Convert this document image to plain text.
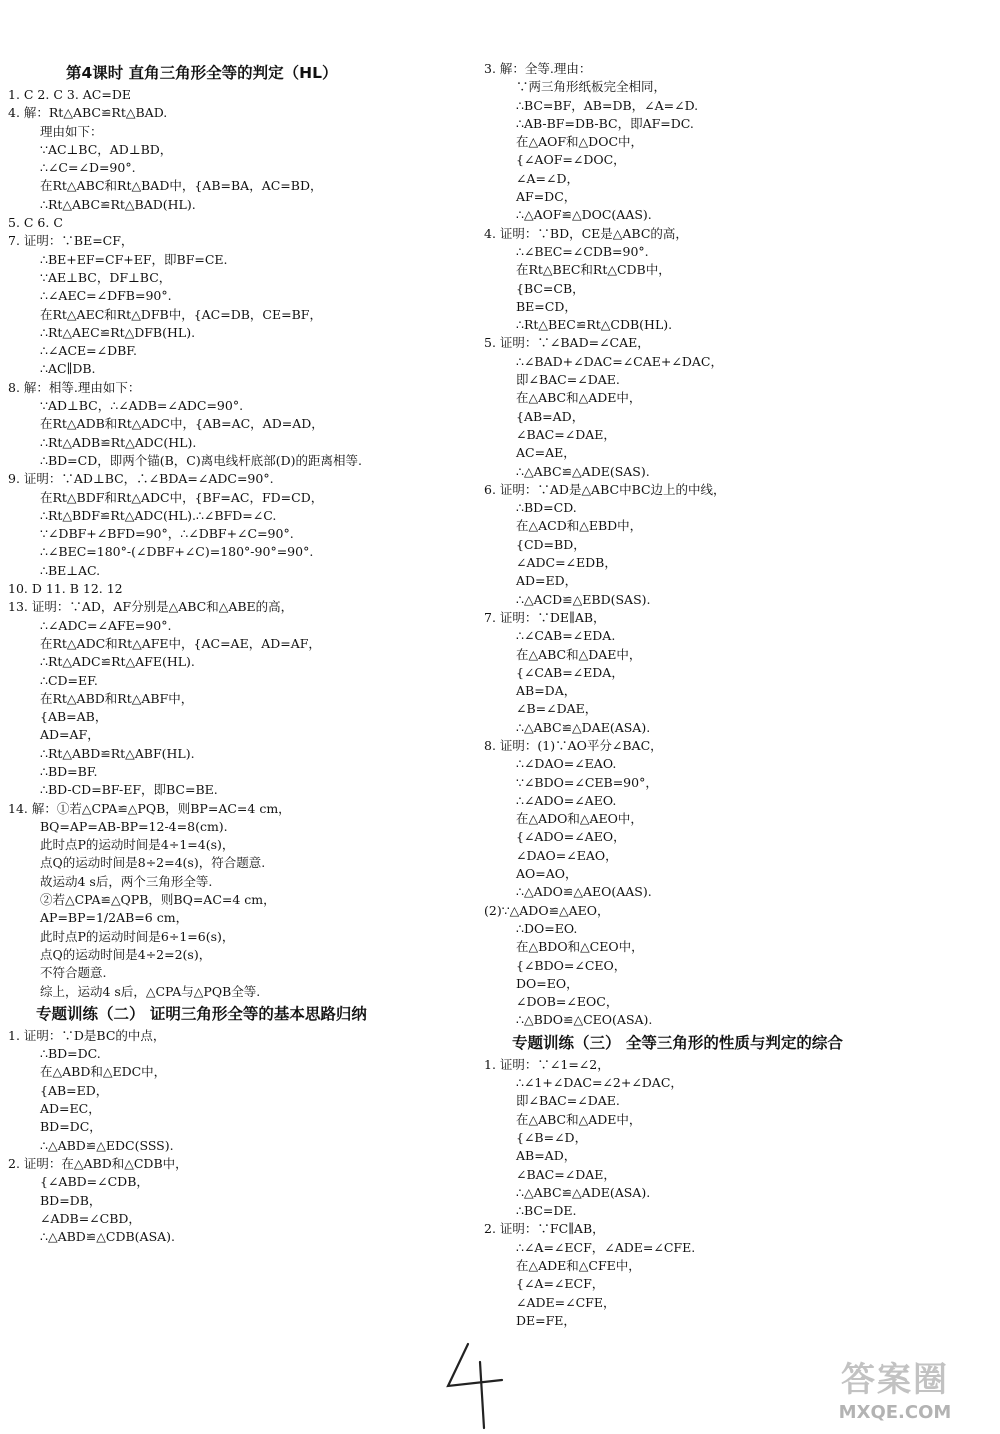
第4课时 直角三角形全等的判定（HL）
1. C 2. C 3. AC=DE
4. 解：Rt△ABC≌Rt△BAD.
理由如下：
∵AC⊥BC，AD⊥BD，
∴∠C=∠D=90°.
在Rt△ABC和Rt△BAD中，{AB=BA，AC=BD，
∴Rt△ABC≌Rt△BAD(HL).
5. C 6. C
7. 证明：∵BE=CF，
∴BE+EF=CF+EF，即BF=CE.
∵AE⊥BC，DF⊥BC，
∴∠AEC=∠DFB=90°.
在Rt△AEC和Rt△DFB中，{AC=DB，CE=BF，
∴Rt△AEC≌Rt△DFB(HL).
∴∠ACE=∠DBF.
∴AC∥DB.
8. 解：相等.理由如下：
∵AD⊥BC，∴∠ADB=∠ADC=90°.
在Rt△ADB和Rt△ADC中，{AB=AC，AD=AD，
∴Rt△ADB≌Rt△ADC(HL).
∴BD=CD，即两个锚(B，C)离电线杆底部(D)的距离相等.
9. 证明：∵AD⊥BC，∴∠BDA=∠ADC=90°.
在Rt△BDF和Rt△ADC中，{BF=AC，FD=CD，
∴Rt△BDF≌Rt△ADC(HL).∴∠BFD=∠C.
∵∠DBF+∠BFD=90°，∴∠DBF+∠C=90°.
∴∠BEC=180°-(∠DBF+∠C)=180°-90°=90°.
∴BE⊥AC.
10. D 11. B 12. 12
13. 证明：∵AD，AF分别是△ABC和△ABE的高，
∴∠ADC=∠AFE=90°.
在Rt△ADC和Rt△AFE中，{AC=AE，AD=AF，
∴Rt△ADC≌Rt△AFE(HL).
∴CD=EF.
在Rt△ABD和Rt△ABF中，
{AB=AB，
AD=AF，
∴Rt△ABD≌Rt△ABF(HL).
∴BD=BF.
∴BD-CD=BF-EF，即BC=BE.
14. 解：①若△CPA≌△PQB，则BP=AC=4 cm，
BQ=AP=AB-BP=12-4=8(cm).
此时点P的运动时间是4÷1=4(s)，
点Q的运动时间是8÷2=4(s)，符合题意.
故运动4 s后，两个三角形全等.
②若△CPA≌△QPB，则BQ=AC=4 cm，
AP=BP=1/2AB=6 cm，
此时点P的运动时间是6÷1=6(s)，
点Q的运动时间是4÷2=2(s)，
不符合题意.
综上，运动4 s后，△CPA与△PQB全等.
专题训练（二） 证明三角形全等的基本思路归纳
1. 证明：∵D是BC的中点，
∴BD=DC.
在△ABD和△EDC中，
{AB=ED，
AD=EC，
BD=DC，
∴△ABD≌△EDC(SSS).
2. 证明：在△ABD和△CDB中，
{∠ABD=∠CDB，
BD=DB，
∠ADB=∠CBD，
∴△ABD≌△CDB(ASA).
3. 解：全等.理由：
∵两三角形纸板完全相同，
∴BC=BF，AB=DB，∠A=∠D.
∴AB-BF=DB-BC，即AF=DC.
在△AOF和△DOC中，
{∠AOF=∠DOC，
∠A=∠D，
AF=DC，
∴△AOF≌△DOC(AAS).
4. 证明：∵BD，CE是△ABC的高，
∴∠BEC=∠CDB=90°.
在Rt△BEC和Rt△CDB中，
{BC=CB，
BE=CD，
∴Rt△BEC≌Rt△CDB(HL).
5. 证明：∵∠BAD=∠CAE，
∴∠BAD+∠DAC=∠CAE+∠DAC，
即∠BAC=∠DAE.
在△ABC和△ADE中，
{AB=AD，
∠BAC=∠DAE，
AC=AE，
∴△ABC≌△ADE(SAS).
6. 证明：∵AD是△ABC中BC边上的中线，
∴BD=CD.
在△ACD和△EBD中，
{CD=BD，
∠ADC=∠EDB，
AD=ED，
∴△ACD≌△EBD(SAS).
7. 证明：∵DE∥AB，
∴∠CAB=∠EDA.
在△ABC和△DAE中，
{∠CAB=∠EDA，
AB=DA，
∠B=∠DAE，
∴△ABC≌△DAE(ASA).
8. 证明：(1)∵AO平分∠BAC，
∴∠DAO=∠EAO.
∵∠BDO=∠CEB=90°，
∴∠ADO=∠AEO.
在△ADO和△AEO中，
{∠ADO=∠AEO，
∠DAO=∠EAO，
AO=AO，
∴△ADO≌△AEO(AAS).
(2)∵△ADO≌△AEO，
∴DO=EO.
在△BDO和△CEO中，
{∠BDO=∠CEO，
DO=EO，
∠DOB=∠EOC，
∴△BDO≌△CEO(ASA).
专题训练（三） 全等三角形的性质与判定的综合
1. 证明：∵∠1=∠2，
∴∠1+∠DAC=∠2+∠DAC，
即∠BAC=∠DAE.
在△ABC和△ADE中，
{∠B=∠D，
AB=AD，
∠BAC=∠DAE，
∴△ABC≌△ADE(ASA).
∴BC=DE.
2. 证明：∵FC∥AB，
∴∠A=∠ECF，∠ADE=∠CFE.
在△ADE和△CFE中，
{∠A=∠ECF，
∠ADE=∠CFE，
DE=FE，
答案圈
MXQE.COM
